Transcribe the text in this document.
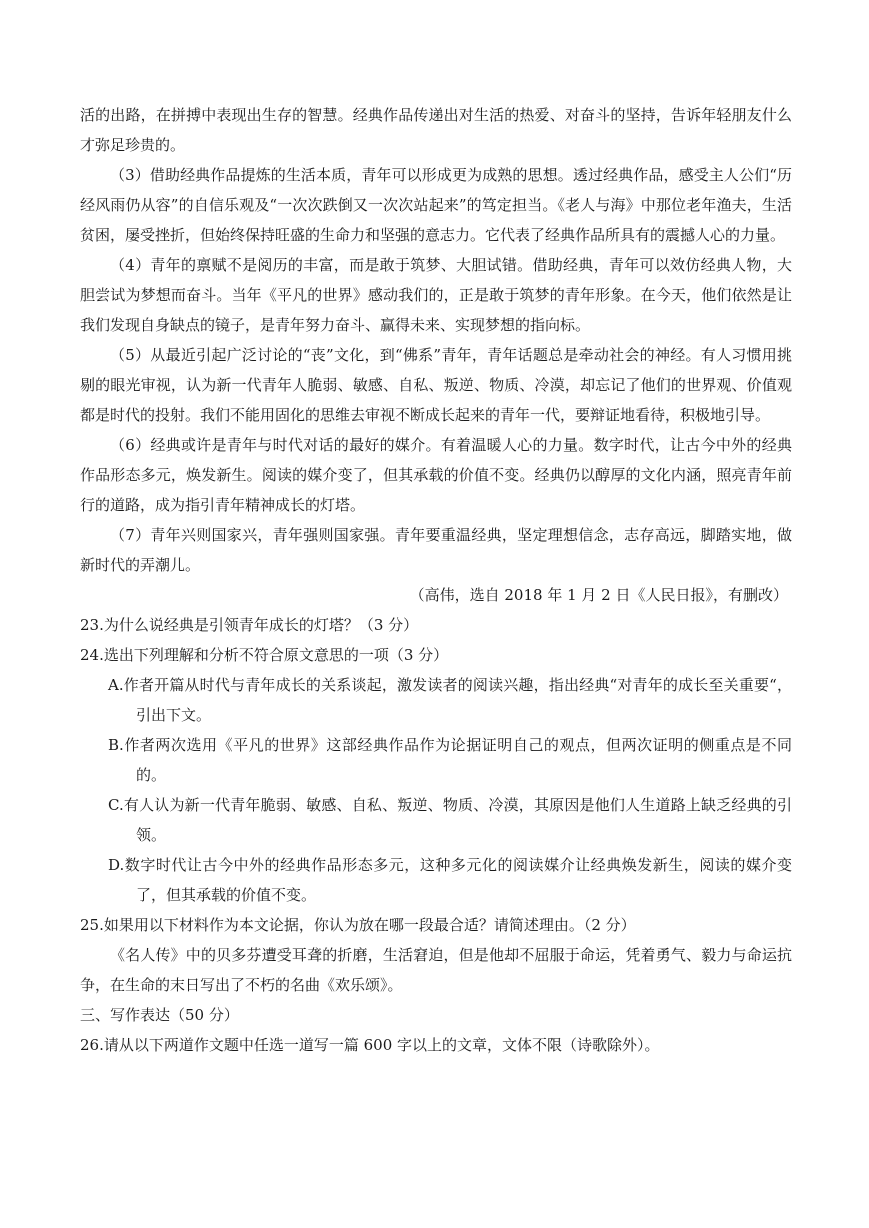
活的出路，在拼搏中表现出生存的智慧。经典作品传递出对生活的热爱、对奋斗的坚持，告诉年轻朋友什么才弥足珍贵的。

（3）借助经典作品提炼的生活本质，青年可以形成更为成熟的思想。透过经典作品，感受主人公们“历经风雨仍从容”的自信乐观及“一次次跌倒又一次次站起来”的笃定担当。《老人与海》中那位老年渔夫，生活贫困，屡受挫折，但始终保持旺盛的生命力和坚强的意志力。它代表了经典作品所具有的震撼人心的力量。

（4）青年的禀赋不是阅历的丰富，而是敢于筑梦、大胆试错。借助经典，青年可以效仿经典人物，大胆尝试为梦想而奋斗。当年《平凡的世界》感动我们的，正是敢于筑梦的青年形象。在今天，他们依然是让我们发现自身缺点的镜子，是青年努力奋斗、赢得未来、实现梦想的指向标。

（5）从最近引起广泛讨论的“丧”文化，到“佛系”青年，青年话题总是牵动社会的神经。有人习惯用挑剔的眼光审视，认为新一代青年人脆弱、敏感、自私、叛逆、物质、冷漠，却忘记了他们的世界观、价值观都是时代的投射。我们不能用固化的思维去审视不断成长起来的青年一代，要辩证地看待，积极地引导。

（6）经典或许是青年与时代对话的最好的媒介。有着温暖人心的力量。数字时代，让古今中外的经典作品形态多元，焕发新生。阅读的媒介变了，但其承载的价值不变。经典仍以醇厚的文化内涵，照亮青年前行的道路，成为指引青年精神成长的灯塔。

（7）青年兴则国家兴，青年强则国家强。青年要重温经典，坚定理想信念，志存高远，脚踏实地，做新时代的弄潮儿。

（高伟，选自 2018 年 1 月 2 日《人民日报》，有删改）

23.为什么说经典是引领青年成长的灯塔？（3 分）

24.选出下列理解和分析不符合原文意思的一项（3 分）

A.作者开篇从时代与青年成长的关系谈起，激发读者的阅读兴趣，指出经典“对青年的成长至关重要“，引出下文。

B.作者两次选用《平凡的世界》这部经典作品作为论据证明自己的观点，但两次证明的侧重点是不同的。

C.有人认为新一代青年脆弱、敏感、自私、叛逆、物质、冷漠，其原因是他们人生道路上缺乏经典的引领。

D.数字时代让古今中外的经典作品形态多元，这种多元化的阅读媒介让经典焕发新生，阅读的媒介变了，但其承载的价值不变。

25.如果用以下材料作为本文论据，你认为放在哪一段最合适？请简述理由。（2 分）

《名人传》中的贝多芬遭受耳聋的折磨，生活窘迫，但是他却不屈服于命运，凭着勇气、毅力与命运抗争，在生命的末日写出了不朽的名曲《欢乐颂》。

三、写作表达（50 分）

26.请从以下两道作文题中任选一道写一篇 600 字以上的文章，文体不限（诗歌除外）。
